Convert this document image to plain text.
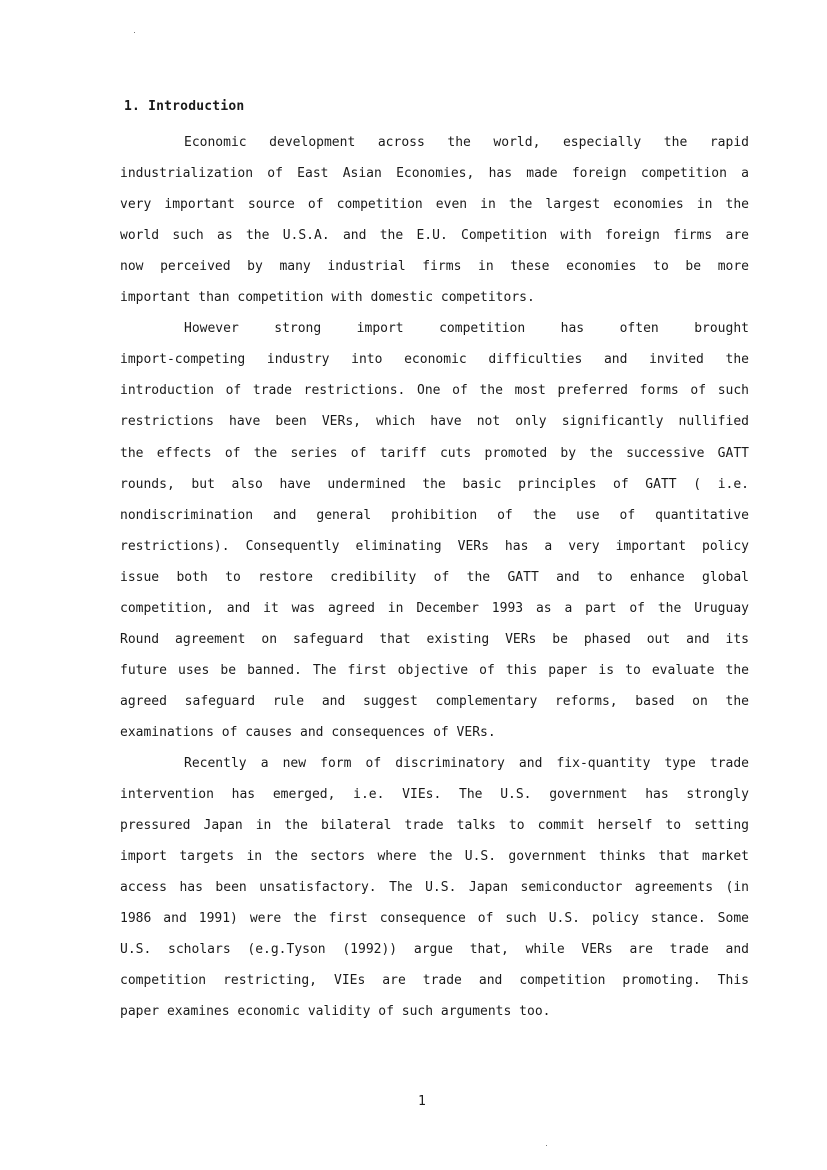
1. Introduction
Economic development across the world, especially the rapid
industrialization of East Asian Economies, has made foreign competition a
very important source of competition even in the largest economies in the
world such as the U.S.A. and the E.U. Competition with foreign firms are
now perceived by many industrial firms in these economies to be more
important than competition with domestic competitors.
However strong import competition has often brought
import-competing industry into economic difficulties and invited the
introduction of trade restrictions. One of the most preferred forms of such
restrictions have been VERs, which have not only significantly nullified
the effects of the series of tariff cuts promoted by the successive GATT
rounds, but also have undermined the basic principles of GATT ( i.e.
nondiscrimination and general prohibition of the use of quantitative
restrictions). Consequently eliminating VERs has a very important policy
issue both to restore credibility of the GATT and to enhance global
competition, and it was agreed in December 1993 as a part of the Uruguay
Round agreement on safeguard that existing VERs be phased out and its
future uses be banned. The first objective of this paper is to evaluate the
agreed safeguard rule and suggest complementary reforms, based on the
examinations of causes and consequences of VERs.
Recently a new form of discriminatory and fix-quantity type trade
intervention has emerged, i.e. VIEs. The U.S. government has strongly
pressured Japan in the bilateral trade talks to commit herself to setting
import targets in the sectors where the U.S. government thinks that market
access has been unsatisfactory. The U.S. Japan semiconductor agreements (in
1986 and 1991) were the first consequence of such U.S. policy stance. Some
U.S. scholars (e.g.Tyson (1992)) argue that, while VERs are trade and
competition restricting, VIEs are trade and competition promoting. This
paper examines economic validity of such arguments too.
1
